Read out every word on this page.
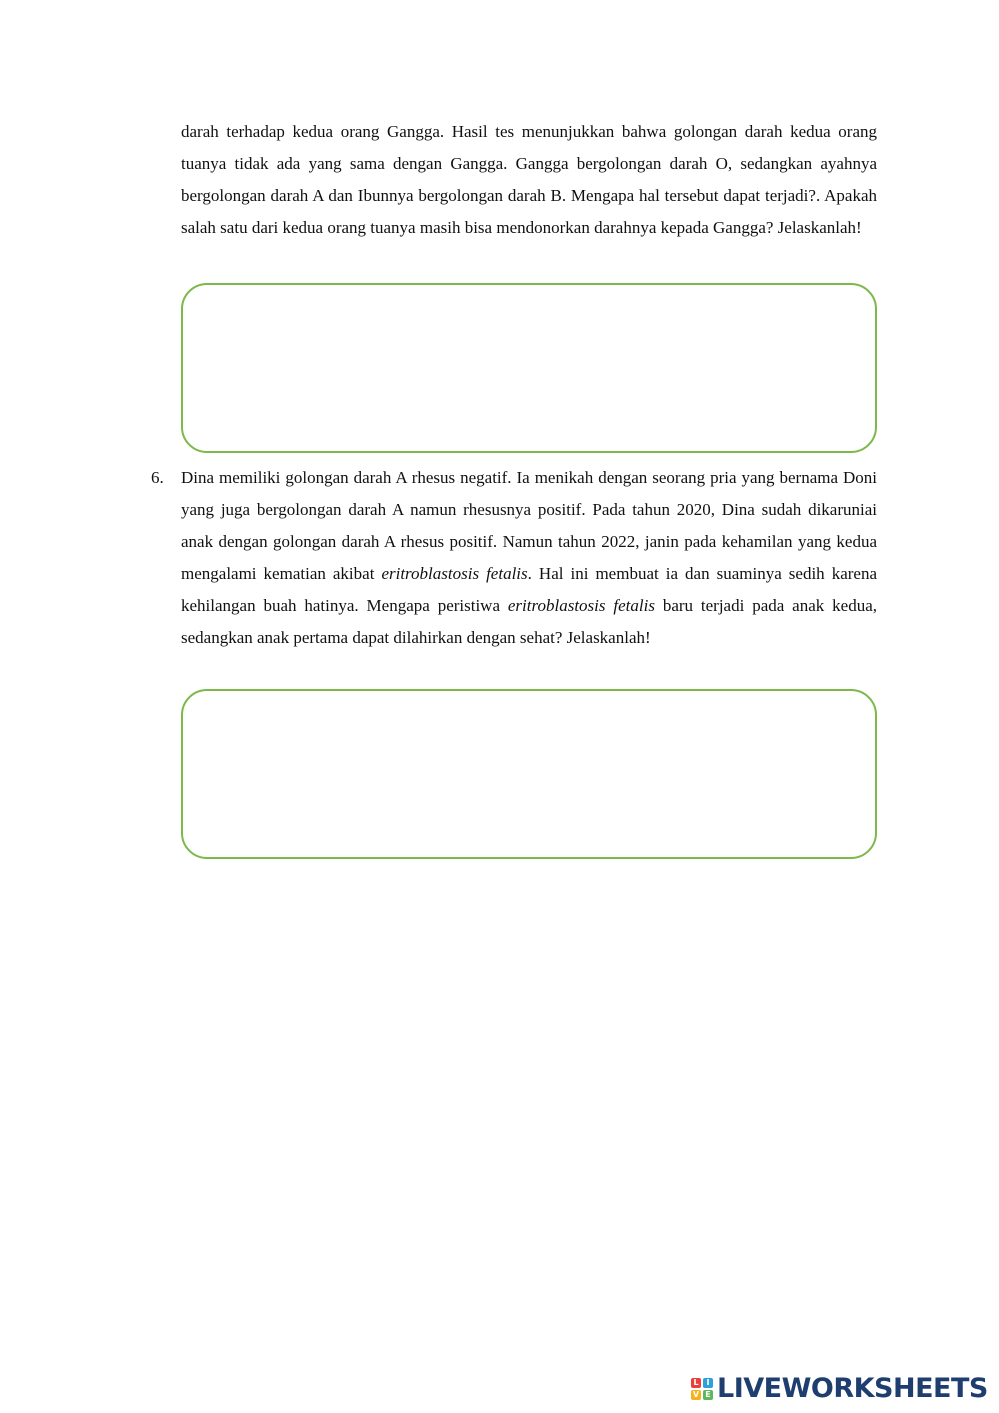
darah terhadap kedua orang Gangga. Hasil tes menunjukkan bahwa golongan darah kedua orang tuanya tidak ada yang sama dengan Gangga. Gangga bergolongan darah O, sedangkan ayahnya bergolongan darah A dan Ibunnya bergolongan darah B. Mengapa hal tersebut dapat terjadi?. Apakah salah satu dari kedua orang tuanya masih bisa mendonorkan darahnya kepada Gangga? Jelaskanlah!

6. Dina memiliki golongan darah A rhesus negatif. Ia menikah dengan seorang pria yang bernama Doni yang juga bergolongan darah A namun rhesusnya positif. Pada tahun 2020, Dina sudah dikaruniai anak dengan golongan darah A rhesus positif. Namun tahun 2022, janin pada kehamilan yang kedua mengalami kematian akibat eritroblastosis fetalis. Hal ini membuat ia dan suaminya sedih karena kehilangan buah hatinya. Mengapa peristiwa eritroblastosis fetalis baru terjadi pada anak kedua, sedangkan anak pertama dapat dilahirkan dengan sehat? Jelaskanlah!

L I
V E LIVEWORKSHEETS
